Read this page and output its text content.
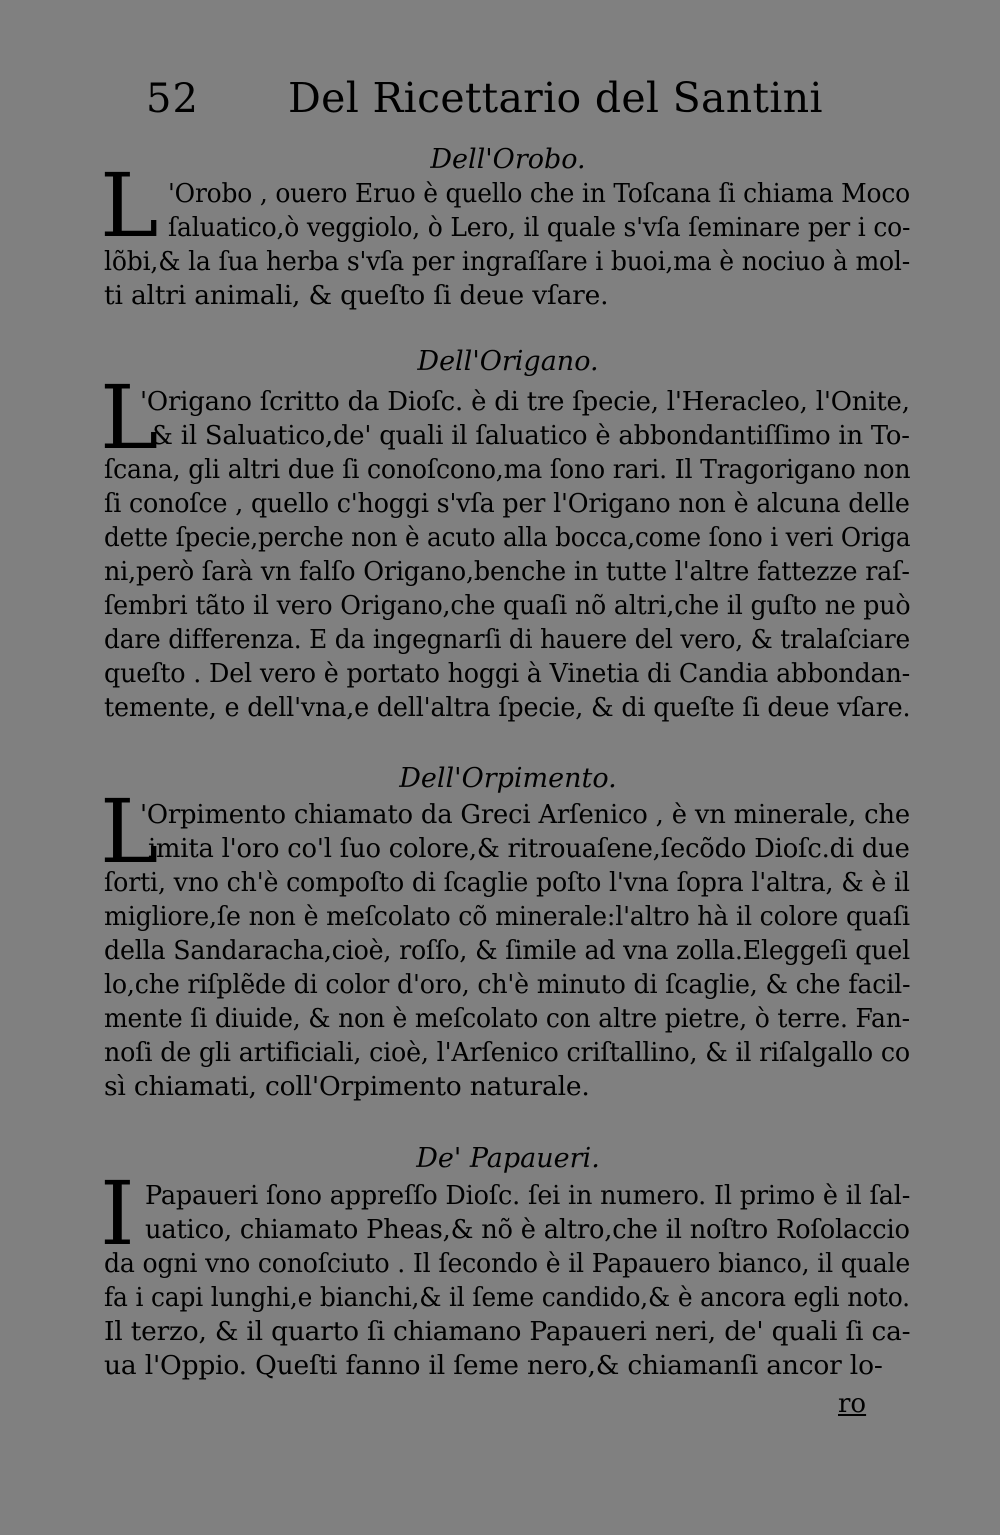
52 Del Ricettario del Santini
Dell'Orobo.
L 'Orobo , ouero Eruo è quello che in Toſcana ſi chiama Moco
ſaluatico,ò veggiolo, ò Lero, il quale s'vſa ſeminare per i co-
lõbi,& la ſua herba s'vſa per ingraſſare i buoi,ma è nociuo à mol-
ti altri animali, & queſto ſi deue vſare.
Dell'Origano.
L
'Origano ſcritto da Dioſc. è di tre ſpecie, l'Heracleo, l'Onite,
& il Saluatico,de' quali il ſaluatico è abbondantiſſimo in To-
ſcana, gli altri due ſi conoſcono,ma ſono rari. Il Tragorigano non
ſi conoſce , quello c'hoggi s'vſa per l'Origano non è alcuna delle
dette ſpecie,perche non è acuto alla bocca,come ſono i veri Origa
ni,però ſarà vn falſo Origano,benche in tutte l'altre fattezze raſ-
ſembri tãto il vero Origano,che quaſi nõ altri,che il guſto ne può
dare differenza. E da ingegnarſi di hauere del vero, & tralaſciare
queſto . Del vero è portato hoggi à Vinetia di Candia abbondan-
temente, e dell'vna,e dell'altra ſpecie, & di queſte ſi deue vſare.
Dell'Orpimento.
L
'Orpimento chiamato da Greci Arſenico , è vn minerale, che
imita l'oro co'l ſuo colore,& ritrouaſene,ſecõdo Dioſc.di due
ſorti, vno ch'è compoſto di ſcaglie poſto l'vna ſopra l'altra, & è il
migliore,ſe non è meſcolato cõ minerale:l'altro hà il colore quaſi
della Sandaracha,cioè, roſſo, & ſimile ad vna zolla.Eleggeſi quel
lo,che riſplẽde di color d'oro, ch'è minuto di ſcaglie, & che facil-
mente ſi diuide, & non è meſcolato con altre pietre, ò terre. Fan-
noſi de gli artificiali, cioè, l'Arſenico criſtallino, & il riſalgallo co
sì chiamati, coll'Orpimento naturale.
De' Papaueri.
I Papaueri ſono appreſſo Dioſc. ſei in numero. Il primo è il ſal-
uatico, chiamato Pheas,& nõ è altro,che il noſtro Roſolaccio
da ogni vno conoſciuto . Il ſecondo è il Papauero bianco, il quale
fa i capi lunghi,e bianchi,& il ſeme candido,& è ancora egli noto.
Il terzo, & il quarto ſi chiamano Papaueri neri, de' quali ſi ca-
ua l'Oppio. Queſti fanno il ſeme nero,& chiamanſi ancor lo-
ro
